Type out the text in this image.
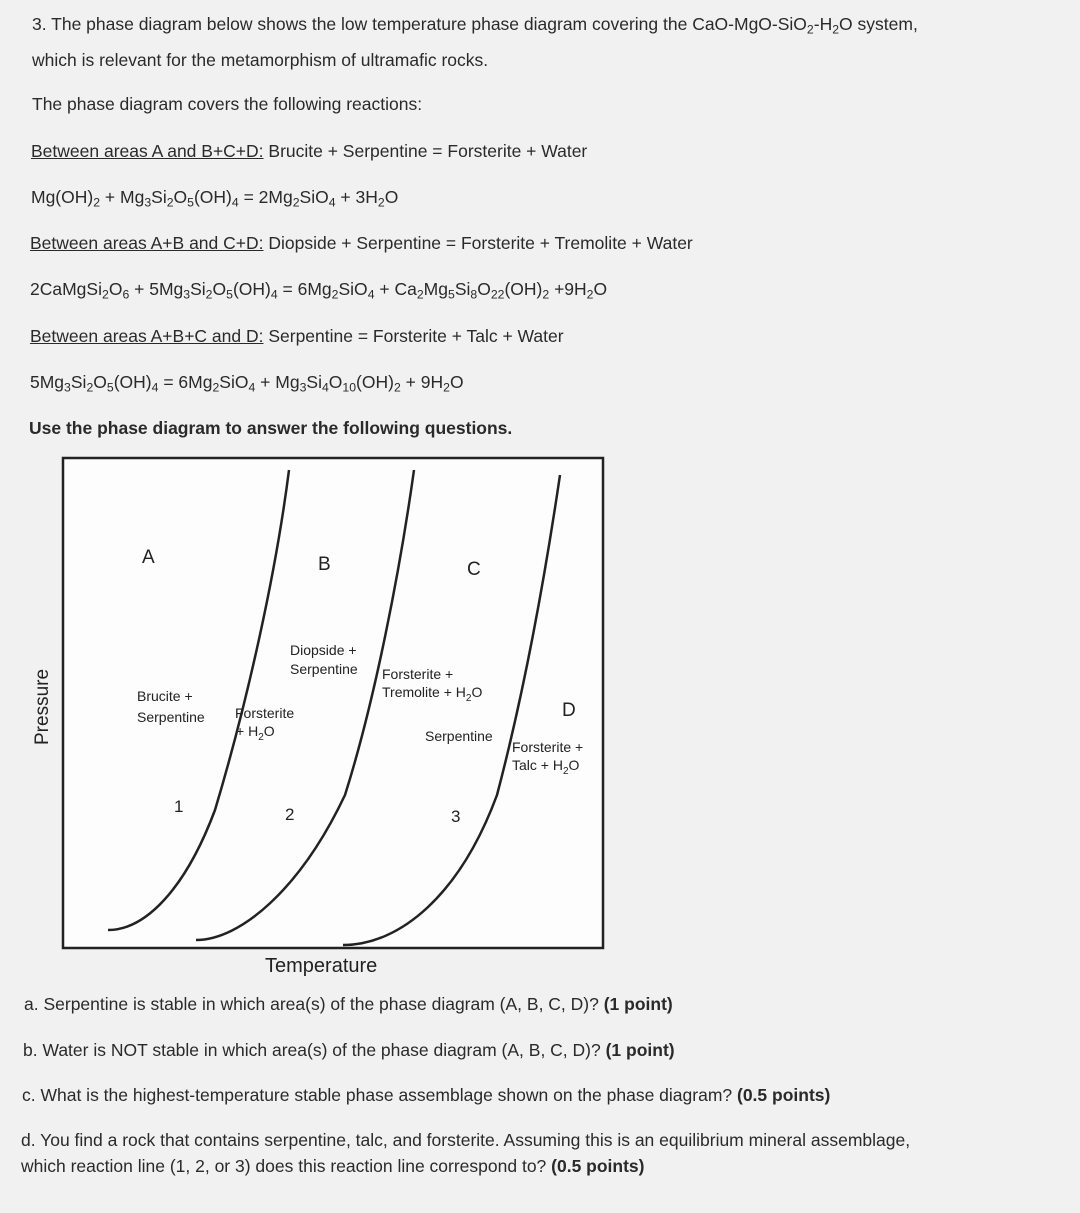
3. The phase diagram below shows the low temperature phase diagram covering the CaO-$MgO-SiO_2-H_2O$ system,
which is relevant for the metamorphism of ultramafic rocks.
The phase diagram covers the following reactions:
Between areas A and B+C+D: Brucite + Serpentine = Forsterite + Water
$Mg(OH)_2 + Mg_3Si_2O_5(OH)_4 = 2Mg_2SiO_4 + 3H_2O$
Between areas A+B and C+D: Diopside + Serpentine = Forsterite + Tremolite + Water
$2CaMgSi_2O_6 + 5Mg_3Si_2O_5(OH)_4 = 6Mg_2SiO_4 + Ca_2Mg_5Si_8O_{22}(OH)_2 +9H_2O$
Between areas A+B+C and D: Serpentine = Forsterite + Talc + Water
$5Mg_3Si_2O_5(OH)_4 = 6Mg_2SiO_4 + Mg_3Si_4O_{10}(OH)_2 + 9H_2O$
Use the phase diagram to answer the following questions.
A	B	C
D
Brucite +
Serpentine Forsterite
+ $H_2O$
Diopside +
Serpentine Forsterite +
Tremolite + $H_2O$
Serpentine
Forsterite +
Talc + $H_2O$
1	2	3
Pressure
Temperature
a. Serpentine is stable in which area(s) of the phase diagram (A, B, C, D)? (1 point)
b. Water is NOT stable in which area(s) of the phase diagram (A, B, C, D)? (1 point)
c. What is the highest-temperature stable phase assemblage shown on the phase diagram? (0.5 points)
d. You find a rock that contains serpentine, talc, and forsterite. Assuming this is an equilibrium mineral assemblage,
which reaction line (1, 2, or 3) does this reaction line correspond to? (0.5 points)
